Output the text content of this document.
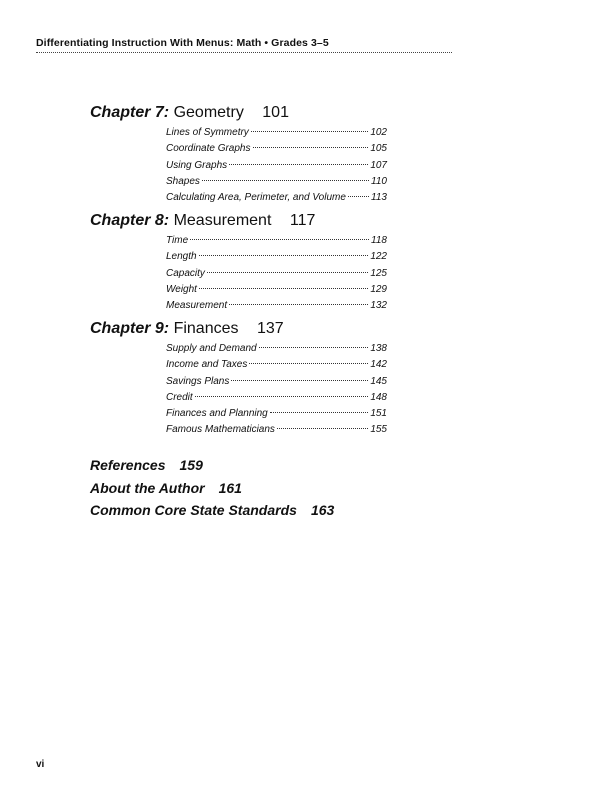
Differentiating Instruction With Menus: Math • Grades 3–5
Chapter 7: Geometry 101
Lines of Symmetry	102
Coordinate Graphs	105
Using Graphs	107
Shapes	110
Calculating Area, Perimeter, and Volume	113
Chapter 8: Measurement 117
Time	118
Length	122
Capacity	125
Weight	129
Measurement	132
Chapter 9: Finances 137
Supply and Demand	138
Income and Taxes	142
Savings Plans	145
Credit	148
Finances and Planning	151
Famous Mathematicians	155
References 159
About the Author 161
Common Core State Standards 163
vi
